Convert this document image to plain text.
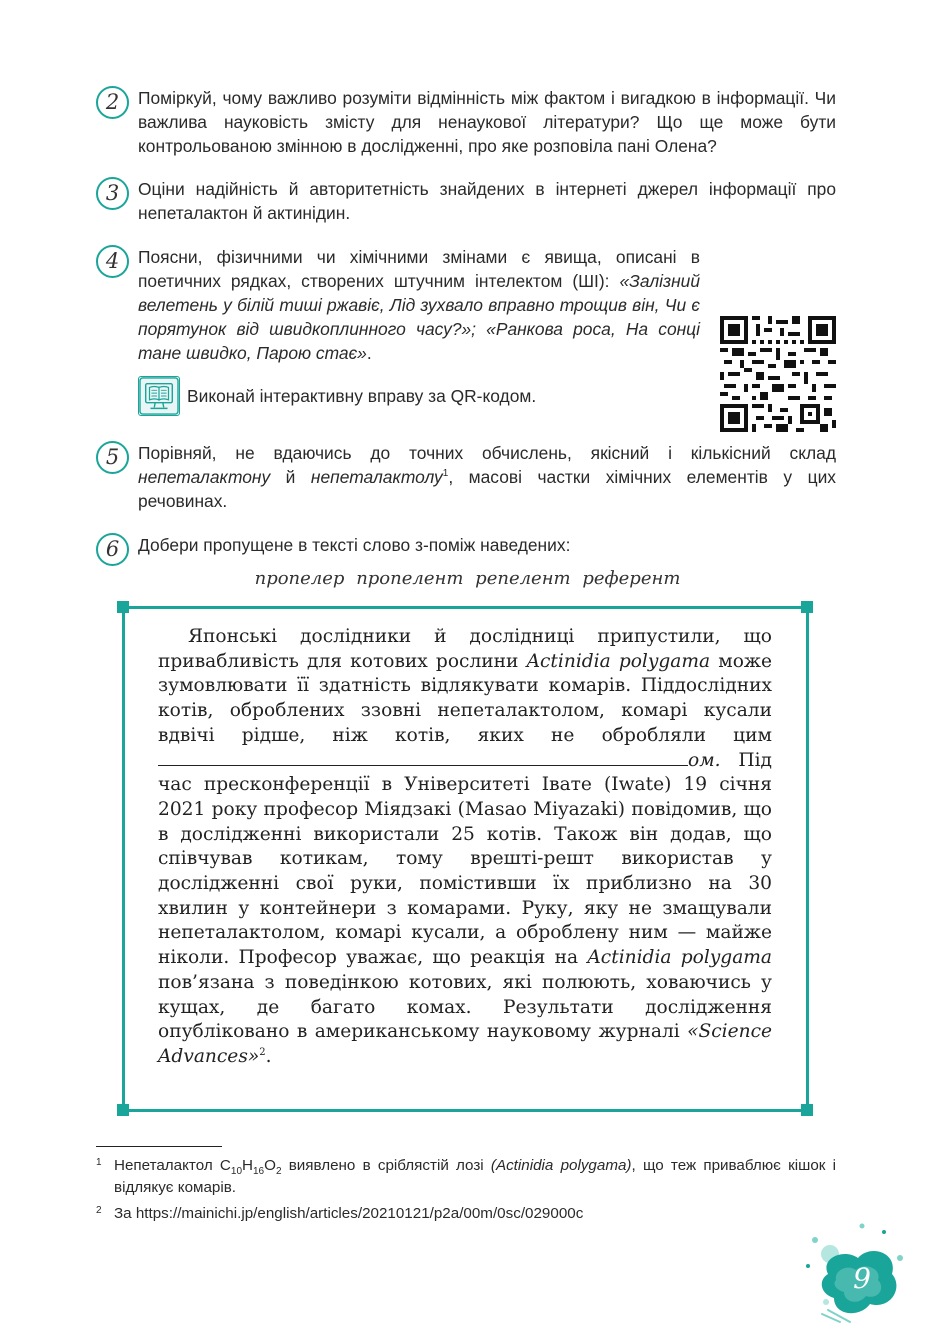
2	Поміркуй, чому важливо розуміти відмінність між фактом і вигадкою в інформації. Чи важлива науковість змісту для ненаукової літератури? Що ще може бути контрольованою змінною в дослідженні, про яке розповіла пані Олена?
3	Оціни надійність й авторитетність знайдених в інтернеті джерел інформації про непеталактон й актинідин.
4	Поясни, фізичними чи хімічними змінами є явища, описані в поетичних рядках, створених штучним інтелектом (ШІ): «Залізний велетень у білій тиші ржавіє, Лід зухвало вправно трощив він, Чи є порятунок від швидкоплинного часу?»; «Ранкова роса, На сонці тане швидко, Парою стає».
Виконай інтерактивну вправу за QR-кодом.
5	Порівняй, не вдаючись до точних обчислень, якісний і кількісний склад непеталактону й непеталактолу$^1$, масові частки хімічних елементів у цих речовинах.
6	Добери пропущене в тексті слово з-поміж наведених:
пропелер пропелент репелент референт

Японські дослідники й дослідниці припустили, що привабливість для котових рослини Actinidia polygama може зумовлювати її здатність відлякувати комарів. Піддослідних котів, оброблених ззовні непеталактолом, комарі кусали вдвічі рідше, ніж котів, яких не обробляли цим ом. Під час пресконференції в Університеті Івате (Iwate) 19 січня 2021 року професор Міядзакі (Masao Miyazaki) повідомив, що в дослідженні використали 25 котів. Також він додав, що співчував котикам, тому врешті-решт використав у дослідженні свої руки, помістивши їх приблизно на 30 хвилин у контейнери з комарами. Руку, яку не змащували непеталактолом, комарі кусали, а оброблену ним — майже ніколи. Професор уважає, що реакція на Actinidia polygama пов’язана з поведінкою котових, які полюють, ховаючись у кущах, де багато комах. Результати дослідження опубліковано в американському науковому журналі «Science Advances»$^2$.

1 Непеталактол $C_{10}H_{16}O_2$ виявлено в сріблястій лозі (Actinidia polygama), що теж приваблює кішок і відлякує комарів.
2 За https://mainichi.jp/english/articles/20210121/p2a/00m/0sc/029000c
9
